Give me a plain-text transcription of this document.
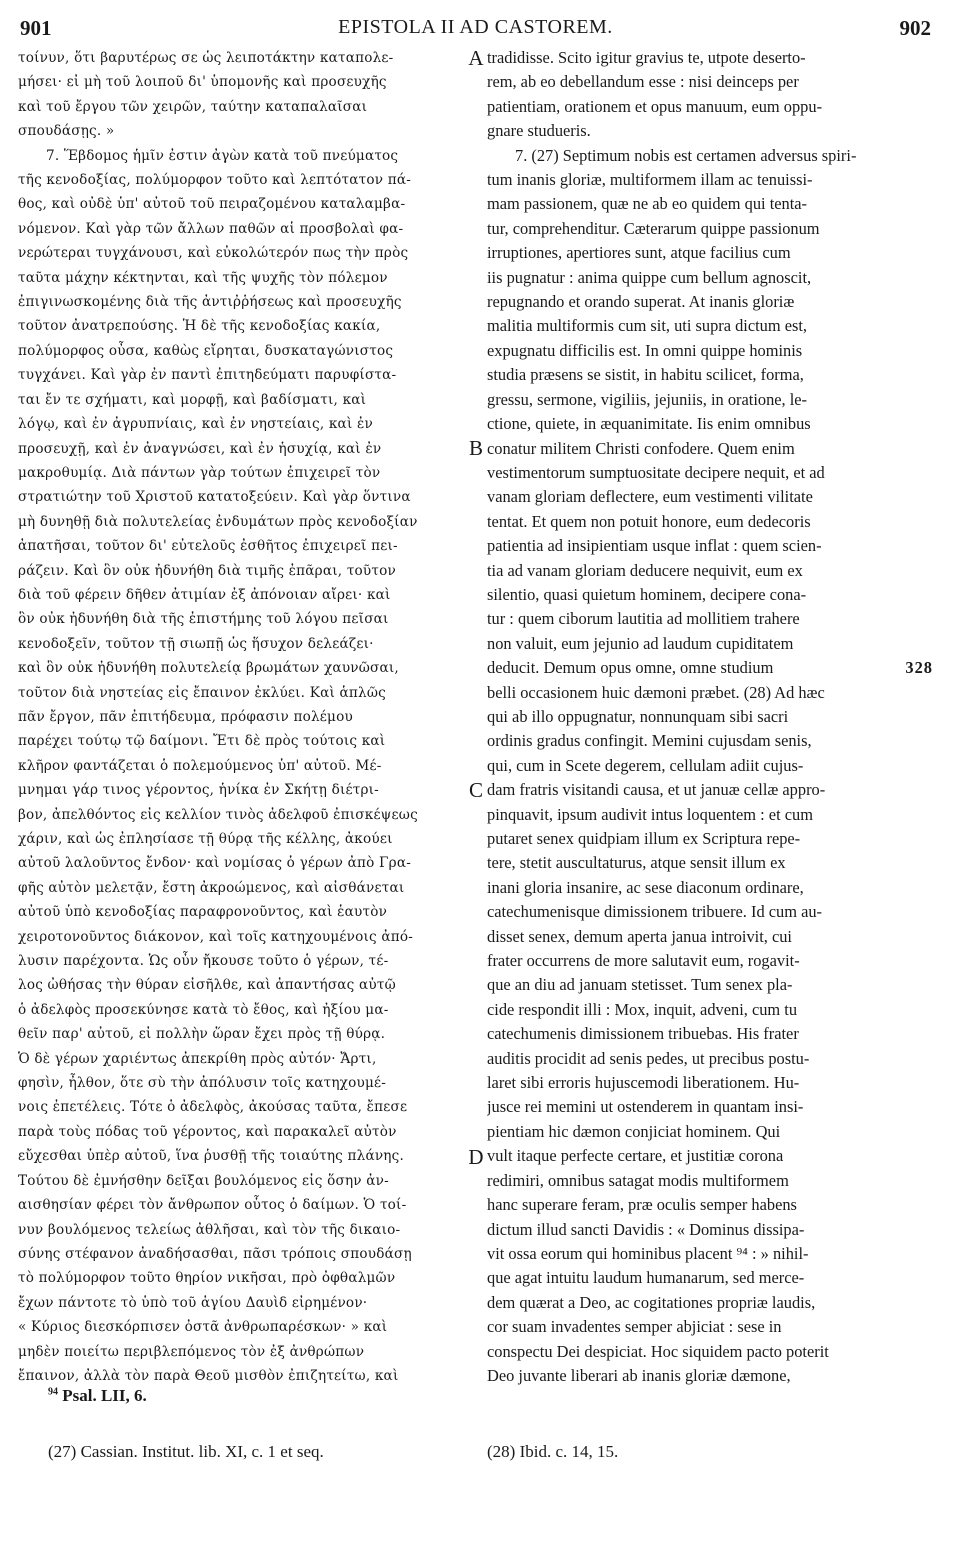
901	EPISTOLA II AD CASTOREM.	902
τοίνυν, ὅτι βαρυτέρως σε ὡς λειποτάκτην καταπολε-
μήσει· εἰ μὴ τοῦ λοιποῦ δι' ὑπομονῆς καὶ προσευχῆς
καὶ τοῦ ἔργου τῶν χειρῶν, ταύτην καταπαλαῖσαι
σπουδάσῃς. »
7. Ἕβδομος ἡμῖν ἐστιν ἀγὼν κατὰ τοῦ πνεύματος
τῆς κενοδοξίας, πολύμορφον τοῦτο καὶ λεπτότατον πά-
θος, καὶ οὐδὲ ὑπ' αὐτοῦ τοῦ πειραζομένου καταλαμβα-
νόμενον. Καὶ γὰρ τῶν ἄλλων παθῶν αἱ προσβολαὶ φα-
νερώτεραι τυγχάνουσι, καὶ εὐκολώτερόν πως τὴν πρὸς
ταῦτα μάχην κέκτηνται, καὶ τῆς ψυχῆς τὸν πόλεμον
ἐπιγινωσκομένης διὰ τῆς ἀντιῤῥήσεως καὶ προσευχῆς
τοῦτον ἀνατρεπούσης. Ἡ δὲ τῆς κενοδοξίας κακία,
πολύμορφος οὖσα, καθὼς εἴρηται, δυσκαταγώνιστος
τυγχάνει. Καὶ γὰρ ἐν παντὶ ἐπιτηδεύματι παρυφίστα-
ται ἔν τε σχήματι, καὶ μορφῇ, καὶ βαδίσματι, καὶ
λόγῳ, καὶ ἐν ἀγρυπνίαις, καὶ ἐν νηστείαις, καὶ ἐν
προσευχῇ, καὶ ἐν ἀναγνώσει, καὶ ἐν ἡσυχίᾳ, καὶ ἐν
μακροθυμίᾳ. Διὰ πάντων γὰρ τούτων ἐπιχειρεῖ τὸν
στρατιώτην τοῦ Χριστοῦ κατατοξεύειν. Καὶ γὰρ ὅντινα
μὴ δυνηθῇ διὰ πολυτελείας ἐνδυμάτων πρὸς κενοδοξίαν
ἀπατῆσαι, τοῦτον δι' εὐτελοῦς ἐσθῆτος ἐπιχειρεῖ πει-
ράζειν. Καὶ ὃν οὐκ ἠδυνήθη διὰ τιμῆς ἐπᾶραι, τοῦτον
διὰ τοῦ φέρειν δῆθεν ἀτιμίαν ἐξ ἀπόνοιαν αἴρει· καὶ
ὃν οὐκ ἠδυνήθη διὰ τῆς ἐπιστήμης τοῦ λόγου πεῖσαι
κενοδοξεῖν, τοῦτον τῇ σιωπῇ ὡς ἥσυχον δελεάζει·
καὶ ὃν οὐκ ἠδυνήθη πολυτελείᾳ βρωμάτων χαυνῶσαι,
τοῦτον διὰ νηστείας εἰς ἔπαινον ἐκλύει. Καὶ ἁπλῶς
πᾶν ἔργον, πᾶν ἐπιτήδευμα, πρόφασιν πολέμου
παρέχει τούτῳ τῷ δαίμονι. Ἔτι δὲ πρὸς τούτοις καὶ
κλῆρον φαντάζεται ὁ πολεμούμενος ὑπ' αὐτοῦ. Μέ-
μνημαι γάρ τινος γέροντος, ἡνίκα ἐν Σκήτῃ διέτρι-
βον, ἀπελθόντος εἰς κελλίον τινὸς ἀδελφοῦ ἐπισκέψεως
χάριν, καὶ ὡς ἐπλησίασε τῇ θύρᾳ τῆς κέλλης, ἀκούει
αὐτοῦ λαλοῦντος ἔνδον· καὶ νομίσας ὁ γέρων ἀπὸ Γρα-
φῆς αὐτὸν μελετᾷν, ἔστη ἀκροώμενος, καὶ αἰσθάνεται
αὐτοῦ ὑπὸ κενοδοξίας παραφρονοῦντος, καὶ ἑαυτὸν
χειροτονοῦντος διάκονον, καὶ τοῖς κατηχουμένοις ἀπό-
λυσιν παρέχοντα. Ὡς οὖν ἤκουσε τοῦτο ὁ γέρων, τέ-
λος ὠθήσας τὴν θύραν εἰσῆλθε, καὶ ἀπαντήσας αὐτῷ
ὁ ἀδελφὸς προσεκύνησε κατὰ τὸ ἔθος, καὶ ἠξίου μα-
θεῖν παρ' αὐτοῦ, εἰ πολλὴν ὥραν ἔχει πρὸς τῇ θύρᾳ.
Ὁ δὲ γέρων χαριέντως ἀπεκρίθη πρὸς αὐτόν· Ἄρτι,
φησὶν, ἦλθον, ὅτε σὺ τὴν ἀπόλυσιν τοῖς κατηχουμέ-
νοις ἐπετέλεις. Τότε ὁ ἀδελφὸς, ἀκούσας ταῦτα, ἔπεσε
παρὰ τοὺς πόδας τοῦ γέροντος, καὶ παρακαλεῖ αὐτὸν
εὔχεσθαι ὑπὲρ αὐτοῦ, ἵνα ῥυσθῇ τῆς τοιαύτης πλάνης.
Τούτου δὲ ἐμνήσθην δεῖξαι βουλόμενος εἰς ὅσην ἀν-
αισθησίαν φέρει τὸν ἄνθρωπον οὗτος ὁ δαίμων. Ὁ τοί-
νυν βουλόμενος τελείως ἀθλῆσαι, καὶ τὸν τῆς δικαιο-
σύνης στέφανον ἀναδήσασθαι, πᾶσι τρόποις σπουδάσῃ
τὸ πολύμορφον τοῦτο θηρίον νικῆσαι, πρὸ ὀφθαλμῶν
ἔχων πάντοτε τὸ ὑπὸ τοῦ ἁγίου Δαυὶδ εἰρημένον·
« Κύριος διεσκόρπισεν ὀστᾶ ἀνθρωπαρέσκων· » καὶ
μηδὲν ποιείτω περιβλεπόμενος τὸν ἐξ ἀνθρώπων
ἔπαινον, ἀλλὰ τὸν παρὰ Θεοῦ μισθὸν ἐπιζητείτω, καὶ
tradidisse. Scito igitur gravius te, utpote deserto-
rem, ab eo debellandum esse : nisi deinceps per
patientiam, orationem et opus manuum, eum oppu-
gnare studueris.
7. (27) Septimum nobis est certamen adversus spiri-
tum inanis gloriæ, multiformem illam ac tenuissi-
mam passionem, quæ ne ab eo quidem qui tenta-
tur, comprehenditur. Cæterarum quippe passionum
irruptiones, apertiores sunt, atque facilius cum
iis pugnatur : anima quippe cum bellum agnoscit,
repugnando et orando superat. At inanis gloriæ
malitia multiformis cum sit, uti supra dictum est,
expugnatu difficilis est. In omni quippe hominis
studia præsens se sistit, in habitu scilicet, forma,
gressu, sermone, vigiliis, jejuniis, in oratione, le-
ctione, quiete, in æquanimitate. Iis enim omnibus
conatur militem Christi confodere. Quem enim
vestimentorum sumptuositate decipere nequit, et ad
vanam gloriam deflectere, eum vestimenti vilitate
tentat. Et quem non potuit honore, eum dedecoris
patientia ad insipientiam usque inflat : quem scien-
tia ad vanam gloriam deducere nequivit, eum ex
silentio, quasi quietum hominem, decipere cona-
tur : quem ciborum lautitia ad mollitiem trahere
non valuit, eum jejunio ad laudum cupiditatem
deducit. Demum opus omne, omne studium	328
belli occasionem huic dæmoni præbet. (28) Ad hæc
qui ab illo oppugnatur, nonnunquam sibi sacri
ordinis gradus confingit. Memini cujusdam senis,
qui, cum in Scete degerem, cellulam adiit cujus-
dam fratris visitandi causa, et ut januæ cellæ appro-
pinquavit, ipsum audivit intus loquentem : et cum
putaret senex quidpiam illum ex Scriptura repe-
tere, stetit auscultaturus, atque sensit illum ex
inani gloria insanire, ac sese diaconum ordinare,
catechumenisque dimissionem tribuere. Id cum au-
disset senex, demum aperta janua introivit, cui
frater occurrens de more salutavit eum, rogavit-
que an diu ad januam stetisset. Tum senex pla-
cide respondit illi : Mox, inquit, adveni, cum tu
catechumenis dimissionem tribuebas. His frater
auditis procidit ad senis pedes, ut precibus postu-
laret sibi erroris hujuscemodi liberationem. Hu-
jusce rei memini ut ostenderem in quantam insi-
pientiam hic dæmon conjiciat hominem. Qui
vult itaque perfecte certare, et justitiæ corona
redimiri, omnibus satagat modis multiformem
hanc superare feram, præ oculis semper habens
dictum illud sancti Davidis : « Dominus dissipa-
vit ossa eorum qui hominibus placent ⁹⁴ : » nihil-
que agat intuitu laudum humanarum, sed merce-
dem quærat a Deo, ac cogitationes propriæ laudis,
cor suam invadentes semper abjiciat : sese in
conspectu Dei despiciat. Hoc siquidem pacto poterit
Deo juvante liberari ab inanis gloriæ dæmone,
A
B
C
D
$^{94}$ Psal. LII, 6.
(27) Cassian. Institut. lib. XI, c. 1 et seq.	(28) Ibid. c. 14, 15.
